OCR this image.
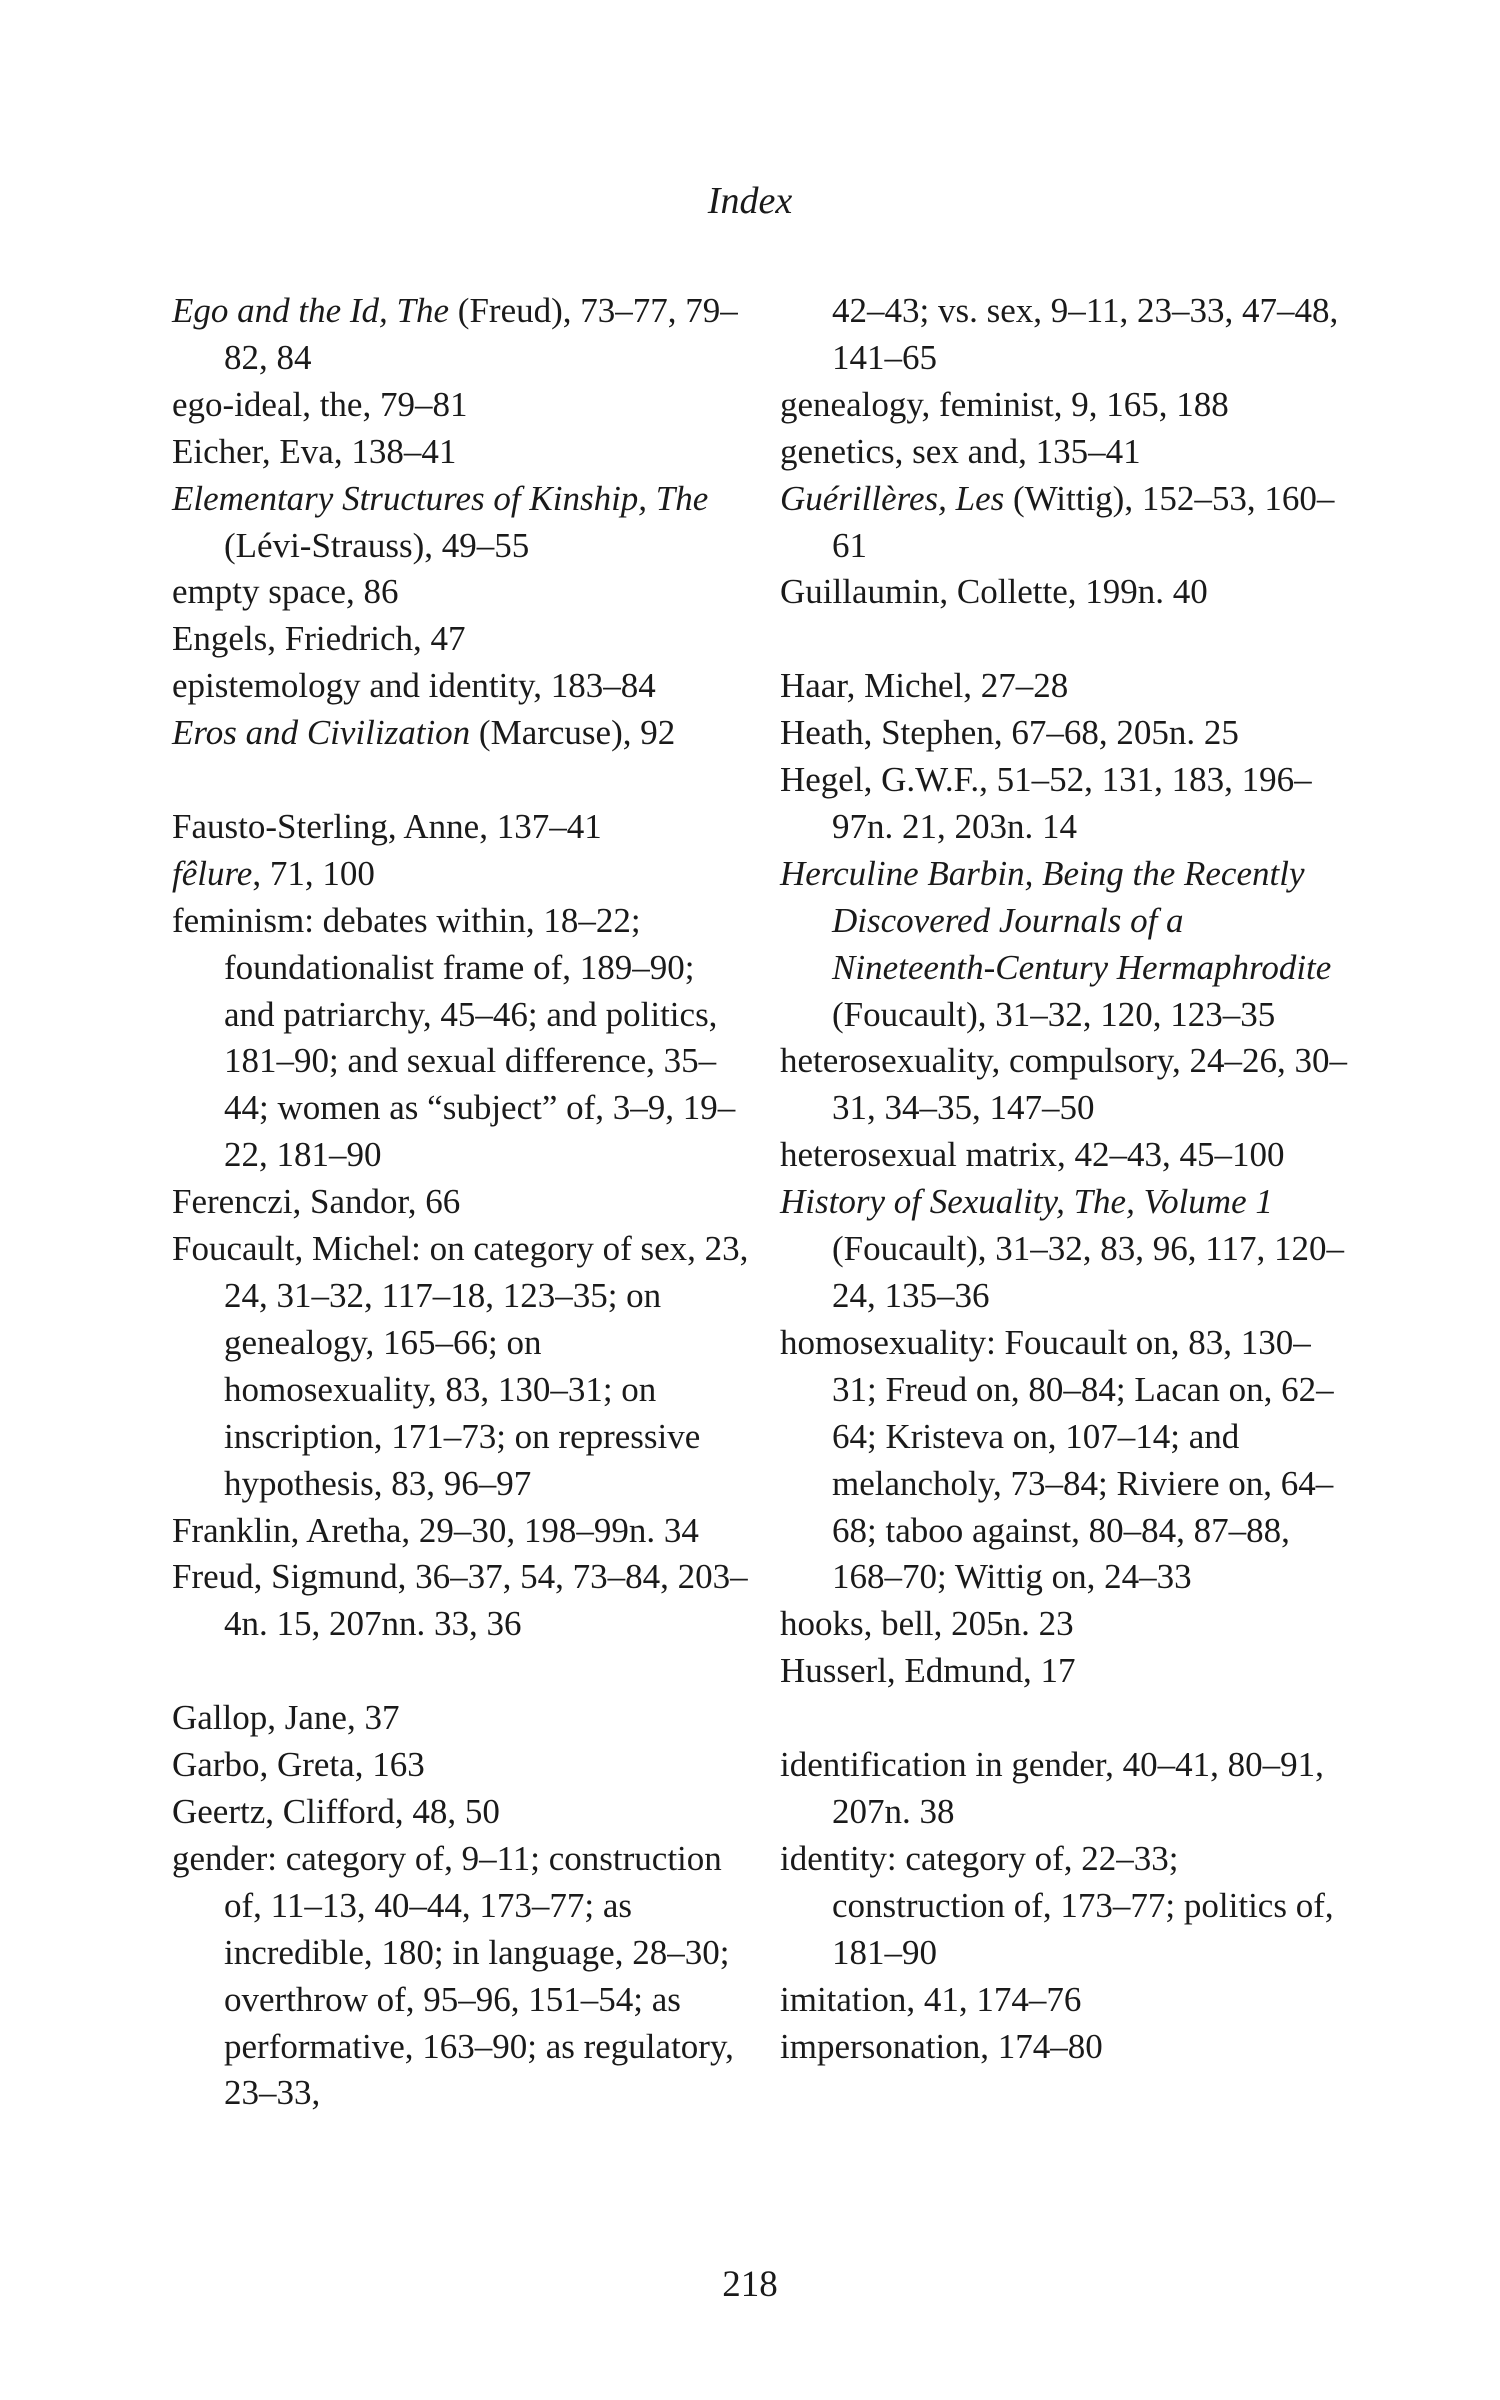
Index

Ego and the Id, The (Freud), 73–77, 79–82, 84

ego-ideal, the, 79–81

Eicher, Eva, 138–41

Elementary Structures of Kinship, The (Lévi-Strauss), 49–55

empty space, 86

Engels, Friedrich, 47

epistemology and identity, 183–84

Eros and Civilization (Marcuse), 92

Fausto-Sterling, Anne, 137–41

fêlure, 71, 100

feminism: debates within, 18–22; foundationalist frame of, 189–90; and patriarchy, 45–46; and politics, 181–90; and sexual difference, 35–44; women as “subject” of, 3–9, 19–22, 181–90

Ferenczi, Sandor, 66

Foucault, Michel: on category of sex, 23, 24, 31–32, 117–18, 123–35; on genealogy, 165–66; on homosexuality, 83, 130–31; on inscription, 171–73; on repressive hypothesis, 83, 96–97

Franklin, Aretha, 29–30, 198–99n. 34

Freud, Sigmund, 36–37, 54, 73–84, 203–4n. 15, 207nn. 33, 36

Gallop, Jane, 37

Garbo, Greta, 163

Geertz, Clifford, 48, 50

gender: category of, 9–11; construction of, 11–13, 40–44, 173–77; as incredible, 180; in language, 28–30; overthrow of, 95–96, 151–54; as performative, 163–90; as regulatory, 23–33,

42–43; vs. sex, 9–11, 23–33, 47–48, 141–65

genealogy, feminist, 9, 165, 188

genetics, sex and, 135–41

Guérillères, Les (Wittig), 152–53, 160–61

Guillaumin, Collette, 199n. 40

Haar, Michel, 27–28

Heath, Stephen, 67–68, 205n. 25

Hegel, G.W.F., 51–52, 131, 183, 196–97n. 21, 203n. 14

Herculine Barbin, Being the Recently Discovered Journals of a Nineteenth-Century Hermaphrodite (Foucault), 31–32, 120, 123–35

heterosexuality, compulsory, 24–26, 30–31, 34–35, 147–50

heterosexual matrix, 42–43, 45–100

History of Sexuality, The, Volume 1 (Foucault), 31–32, 83, 96, 117, 120–24, 135–36

homosexuality: Foucault on, 83, 130–31; Freud on, 80–84; Lacan on, 62–64; Kristeva on, 107–14; and melancholy, 73–84; Riviere on, 64–68; taboo against, 80–84, 87–88, 168–70; Wittig on, 24–33

hooks, bell, 205n. 23

Husserl, Edmund, 17

identification in gender, 40–41, 80–91, 207n. 38

identity: category of, 22–33; construction of, 173–77; politics of, 181–90

imitation, 41, 174–76

impersonation, 174–80

218
